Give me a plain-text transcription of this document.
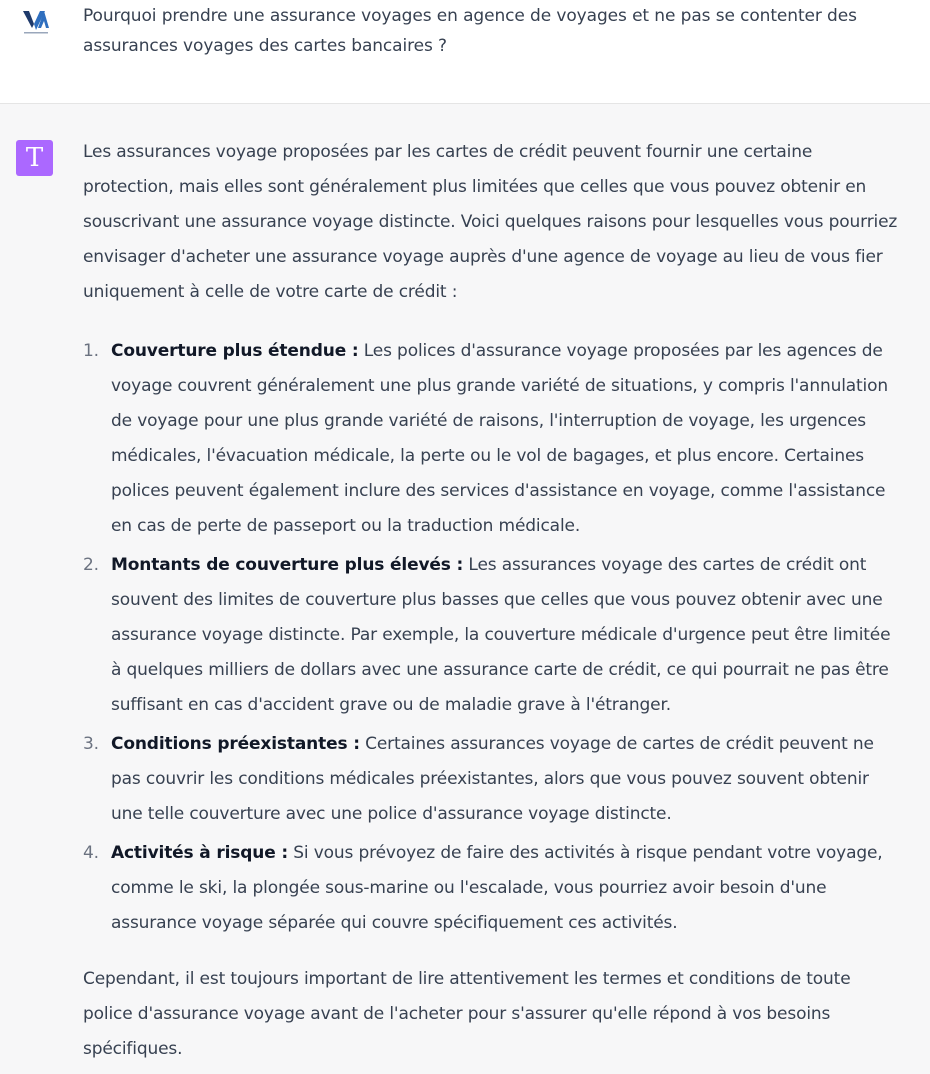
Pourquoi prendre une assurance voyages en agence de voyages et ne pas se contenter des assurances voyages des cartes bancaires ?
T Les assurances voyage proposées par les cartes de crédit peuvent fournir une certaine protection, mais elles sont généralement plus limitées que celles que vous pouvez obtenir en souscrivant une assurance voyage distincte. Voici quelques raisons pour lesquelles vous pourriez envisager d'acheter une assurance voyage auprès d'une agence de voyage au lieu de vous fier uniquement à celle de votre carte de crédit :

1. Couverture plus étendue : Les polices d'assurance voyage proposées par les agences de voyage couvrent généralement une plus grande variété de situations, y compris l'annulation de voyage pour une plus grande variété de raisons, l'interruption de voyage, les urgences médicales, l'évacuation médicale, la perte ou le vol de bagages, et plus encore. Certaines polices peuvent également inclure des services d'assistance en voyage, comme l'assistance en cas de perte de passeport ou la traduction médicale.
2. Montants de couverture plus élevés : Les assurances voyage des cartes de crédit ont souvent des limites de couverture plus basses que celles que vous pouvez obtenir avec une assurance voyage distincte. Par exemple, la couverture médicale d'urgence peut être limitée à quelques milliers de dollars avec une assurance carte de crédit, ce qui pourrait ne pas être suffisant en cas d'accident grave ou de maladie grave à l'étranger.
3. Conditions préexistantes : Certaines assurances voyage de cartes de crédit peuvent ne pas couvrir les conditions médicales préexistantes, alors que vous pouvez souvent obtenir une telle couverture avec une police d'assurance voyage distincte.
4. Activités à risque : Si vous prévoyez de faire des activités à risque pendant votre voyage, comme le ski, la plongée sous-marine ou l'escalade, vous pourriez avoir besoin d'une assurance voyage séparée qui couvre spécifiquement ces activités.

Cependant, il est toujours important de lire attentivement les termes et conditions de toute police d'assurance voyage avant de l'acheter pour s'assurer qu'elle répond à vos besoins spécifiques.
